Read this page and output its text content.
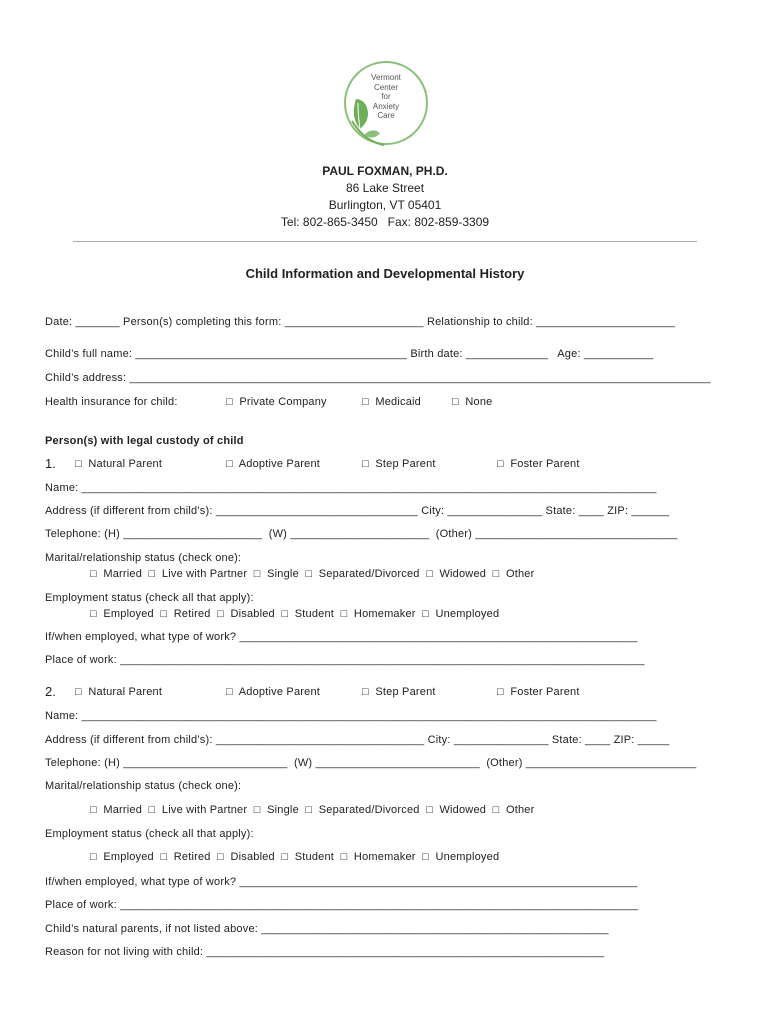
Vermont
Center
for
Anxiety
Care
PAUL FOXMAN, PH.D.
86 Lake Street
Burlington, VT 05401
Tel: 802-865-3450   Fax: 802-859-3309
Child Information and Developmental History
Date: _______ Person(s) completing this form: ______________________ Relationship to child: ______________________
Child’s full name: ___________________________________________ Birth date: _____________   Age: ___________
Child’s address: ____________________________________________________________________________________________
Health insurance for child:	□  Private Company	□  Medicaid	□  None
Person(s) with legal custody of child
1. □  Natural Parent	□  Adoptive Parent	□  Step Parent	□  Foster Parent
Name: ___________________________________________________________________________________________
Address (if different from child’s): ________________________________ City: _______________ State: ____ ZIP: ______
Telephone: (H) ______________________  (W) ______________________  (Other) ________________________________
Marital/relationship status (check one):
□  Married  □  Live with Partner  □  Single  □  Separated/Divorced  □  Widowed  □  Other
Employment status (check all that apply):
□  Employed  □  Retired  □  Disabled  □  Student  □  Homemaker  □  Unemployed
If/when employed, what type of work? _______________________________________________________________
Place of work: ___________________________________________________________________________________
2. □  Natural Parent	□  Adoptive Parent	□  Step Parent	□  Foster Parent
Name: ___________________________________________________________________________________________
Address (if different from child’s): _________________________________ City: _______________ State: ____ ZIP: _____
Telephone: (H) __________________________  (W) __________________________  (Other) ___________________________
Marital/relationship status (check one):
□  Married  □  Live with Partner  □  Single  □  Separated/Divorced  □  Widowed  □  Other
Employment status (check all that apply):
□  Employed  □  Retired  □  Disabled  □  Student  □  Homemaker  □  Unemployed
If/when employed, what type of work? _______________________________________________________________
Place of work: __________________________________________________________________________________
Child’s natural parents, if not listed above: _______________________________________________________
Reason for not living with child: _______________________________________________________________
